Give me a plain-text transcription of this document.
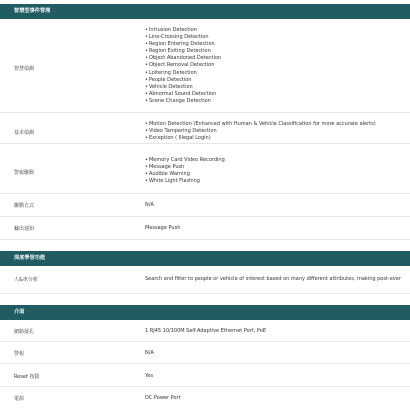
智慧型事件管理
智慧偵測
• Intrusion Detection
• Line-Crossing Detection
• Region Entering Detection
• Region Exiting Detection
• Object Abandoned Detection
• Object Removal Detection
• Loitering Detection
• People Detection
• Vehicle Detection
• Abnormal Sound Detection
• Scene Change Detection
基本偵測
• Motion Detection (Enhanced with Human & Vehicle Classification for more accurate alerts)
• Video Tampering Detection
• Exception ( Illegal Login)
警報聯動
• Memory Card Video Recording
• Message Push
• Audible Warning
• White Light Flashing
聯動方式	N/A
輸出通知	Message Push
深度學習功能
人&車分析	Search and filter to people or vehicle of interest based on many different attributes, making post-ever
介面
網路接孔	1 RJ45 10/100M Self-Adaptive Ethernet Port, PoE
警報	N/A
Reset 按鈕	Yes
電源	DC Power Port
